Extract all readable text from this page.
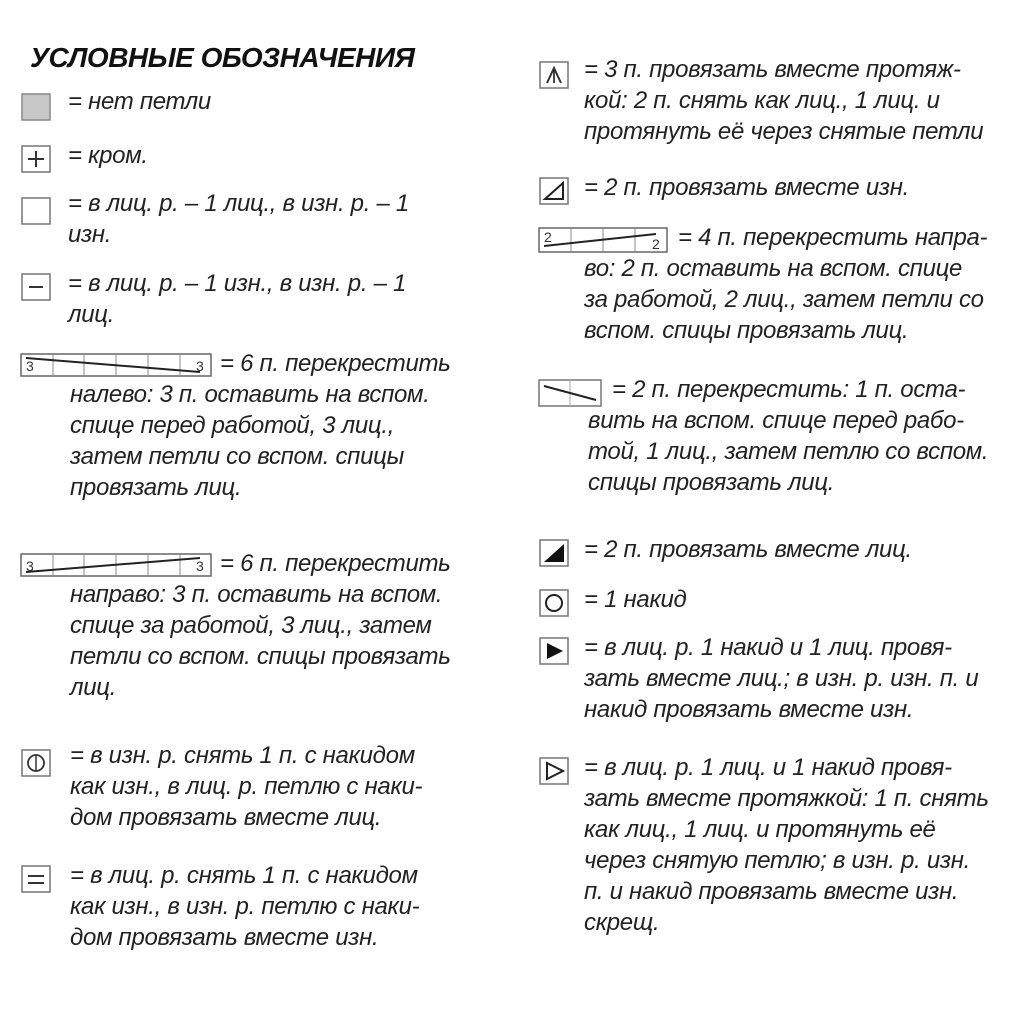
УСЛОВНЫЕ ОБОЗНАЧЕНИЯ

= нет петли

= кром.

= в лиц. р. – 1 лиц., в изн. р. – 1
изн.

= в лиц. р. – 1 изн., в изн. р. – 1
лиц.

3	3 = 6 п. перекрестить
налево: 3 п. оставить на вспом.
спице перед работой, 3 лиц.,
затем петли со вспом. спицы
провязать лиц.

3	3 = 6 п. перекрестить
направо: 3 п. оставить на вспом.
спице за работой, 3 лиц., затем
петли со вспом. спицы провязать
лиц.

= в изн. р. снять 1 п. с накидом
как изн., в лиц. р. петлю с наки-
дом провязать вместе лиц.

= в лиц. р. снять 1 п. с накидом
как изн., в изн. р. петлю с наки-
дом провязать вместе изн.

= 3 п. провязать вместе протяж-
кой: 2 п. снять как лиц., 1 лиц. и
протянуть её через снятые петли

= 2 п. провязать вместе изн.

2	2 = 4 п. перекрестить напра-
во: 2 п. оставить на вспом. спице
за работой, 2 лиц., затем петли со
вспом. спицы провязать лиц.

= 2 п. перекрестить: 1 п. оста-
вить на вспом. спице перед рабо-
той, 1 лиц., затем петлю со вспом.
спицы провязать лиц.

= 2 п. провязать вместе лиц.

= 1 накид

= в лиц. р. 1 накид и 1 лиц. провя-
зать вместе лиц.; в изн. р. изн. п. и
накид провязать вместе изн.

= в лиц. р. 1 лиц. и 1 накид провя-
зать вместе протяжкой: 1 п. снять
как лиц., 1 лиц. и протянуть её
через снятую петлю; в изн. р. изн.
п. и накид провязать вместе изн.
скрещ.
